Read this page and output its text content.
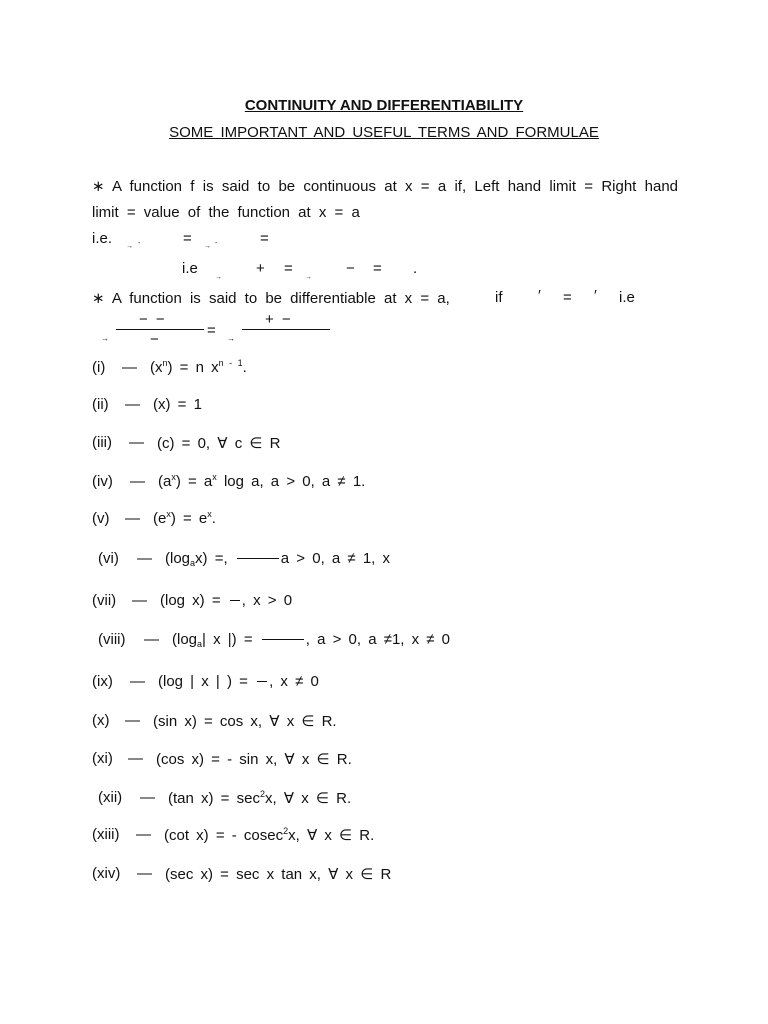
CONTINUITY AND DIFFERENTIABILITY
SOME IMPORTANT AND USEFUL TERMS AND FORMULAE
∗ A function f is said to be continuous at x = a if, Left hand limit = Right hand limit = value of the function at x = a
i.e. → -	= → -	=
i.e
→
+ =
→
− = .
∗ A function is said to be differentiable at x = a,	if ′ = ′ i.e
− −
−
→	= →
+ −
(i) — $(x^n) = n$ $x^{n - 1}$.
(ii) — (x) = 1
(iii) — (c) = 0, ∀ c ∈ R
(iv) — $(a^x) = a^x$ log a, a > 0, a ≠ 1.
(v) — $(e^x) = e^x$.
(vi) — $(\log_ax)$ =,	a > 0, a ≠ 1, x
(vii) — (log x) = , x > 0
(viii) — ($\log_a|$ x |) =	, a > 0, a ≠1, x ≠ 0
(ix) — (log | x | ) = , x ≠ 0
(x) — (sin x) = cos x, ∀ x ∈ R.
(xi) — (cos x) = - sin x, ∀ x ∈ R.
(xii) — (tan $x) = \sec^2x$, ∀ x ∈ R.
(xiii) — (cot x) = - cosec$^2$x, ∀ x ∈ R.
(xiv) — (sec x) = sec x tan x, ∀ x ∈ R
